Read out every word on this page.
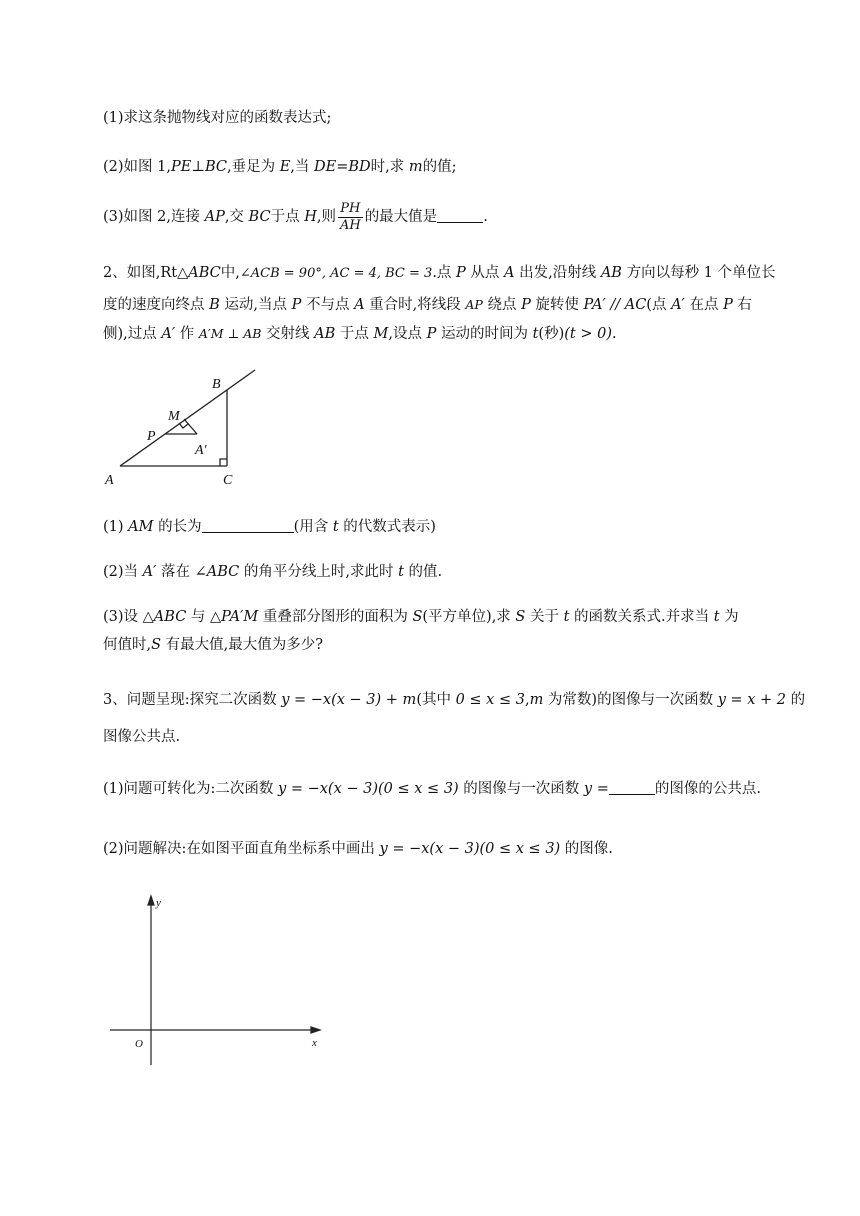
(1)求这条抛物线对应的函数表达式;
(2)如图 1,PE⊥BC,垂足为 E,当 DE=BD时,求 m的值;
(3)如图 2,连接 AP,交 BC于点 H,则 $\frac{PH}{AH}$ 的最大值是	.
2、如图,Rt△ABC中,∠ACB = 90°, AC = 4, BC = 3.点 P 从点 A 出发,沿射线 AB 方向以每秒 1 个单位长
度的速度向终点 B 运动,当点 P 不与点 A 重合时,将线段 AP 绕点 P 旋转使 PA′ // AC(点 A′ 在点 P 右
侧),过点 A′ 作 A′M ⊥ AB 交射线 AB 于点 M,设点 P 运动的时间为 t(秒)(t > 0).
B
M
P
A′
A	C
(1) AM 的长为	(用含 t 的代数式表示)
(2)当 A′ 落在 ∠ABC 的角平分线上时,求此时 t 的值.
(3)设 △ABC 与 △PA′M 重叠部分图形的面积为 S(平方单位),求 S 关于 t 的函数关系式.并求当 t 为
何值时,S 有最大值,最大值为多少?
3、问题呈现:探究二次函数 y = −x(x − 3) + m(其中 0 ≤ x ≤ 3,m 为常数)的图像与一次函数 y = x + 2 的
图像公共点.
(1)问题可转化为:二次函数 y = −x(x − 3)(0 ≤ x ≤ 3) 的图像与一次函数 y =	的图像的公共点.
(2)问题解决:在如图平面直角坐标系中画出 y = −x(x − 3)(0 ≤ x ≤ 3) 的图像.
y
x
O
